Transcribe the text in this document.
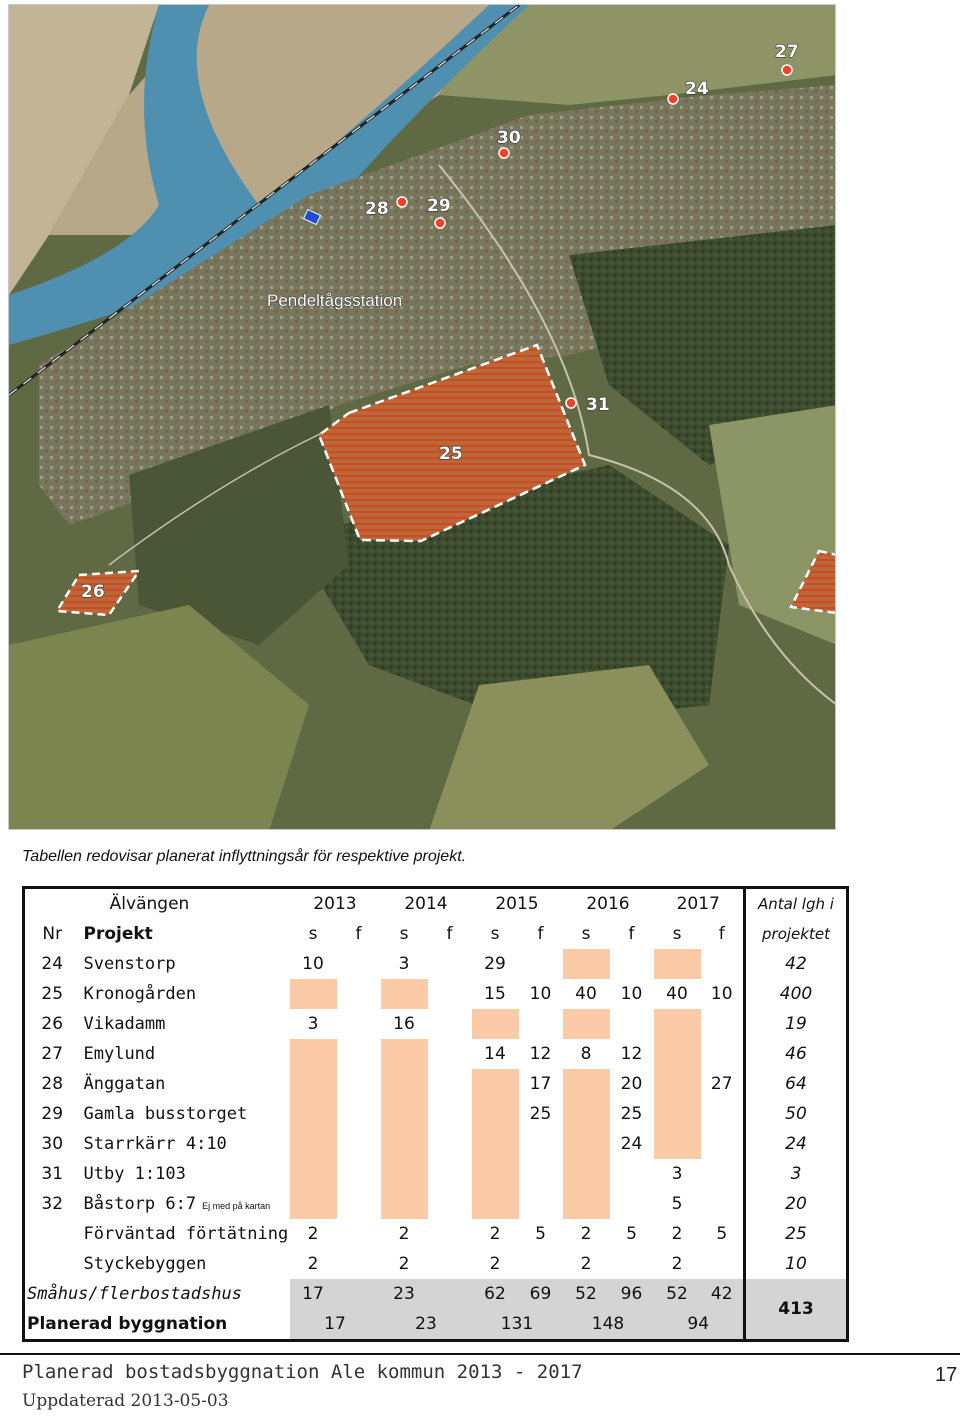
27
24
30
28 29
31
25
26
Pendeltågsstation
Tabellen redovisar planerat inflyttningsår för respektive projekt.
	Älvängen	2013		2014		2015		2016		2017		Antal lgh i
Nr	Projekt	s	f	s	f	s	f	s	f	s	f	projektet
24	Svenstorp	10		3		29						42
25	Kronogården					15	10	40	10	40	10	400
26	Vikadamm	3		16								19
27	Emylund					14	12	8	12			46
28	Änggatan						17		20		27	64
29	Gamla busstorget						25		25			50
30	Starrkärr 4:10								24			24
31	Utby 1:103									3		3
32	Båstorp 6:7 Ej med på kartan									5		20
	Förväntad förtätning	2		2		2	5	2	5	2	5	25
	Styckebyggen	2		2		2		2		2		10
Småhus/flerbostadshus		17		23		62	69	52	96	52	42	413
Planerad byggnation		17		23		131		148		94		
Planerad bostadsbyggnation Ale kommun 2013 - 2017
Uppdaterad 2013-05-03
17
